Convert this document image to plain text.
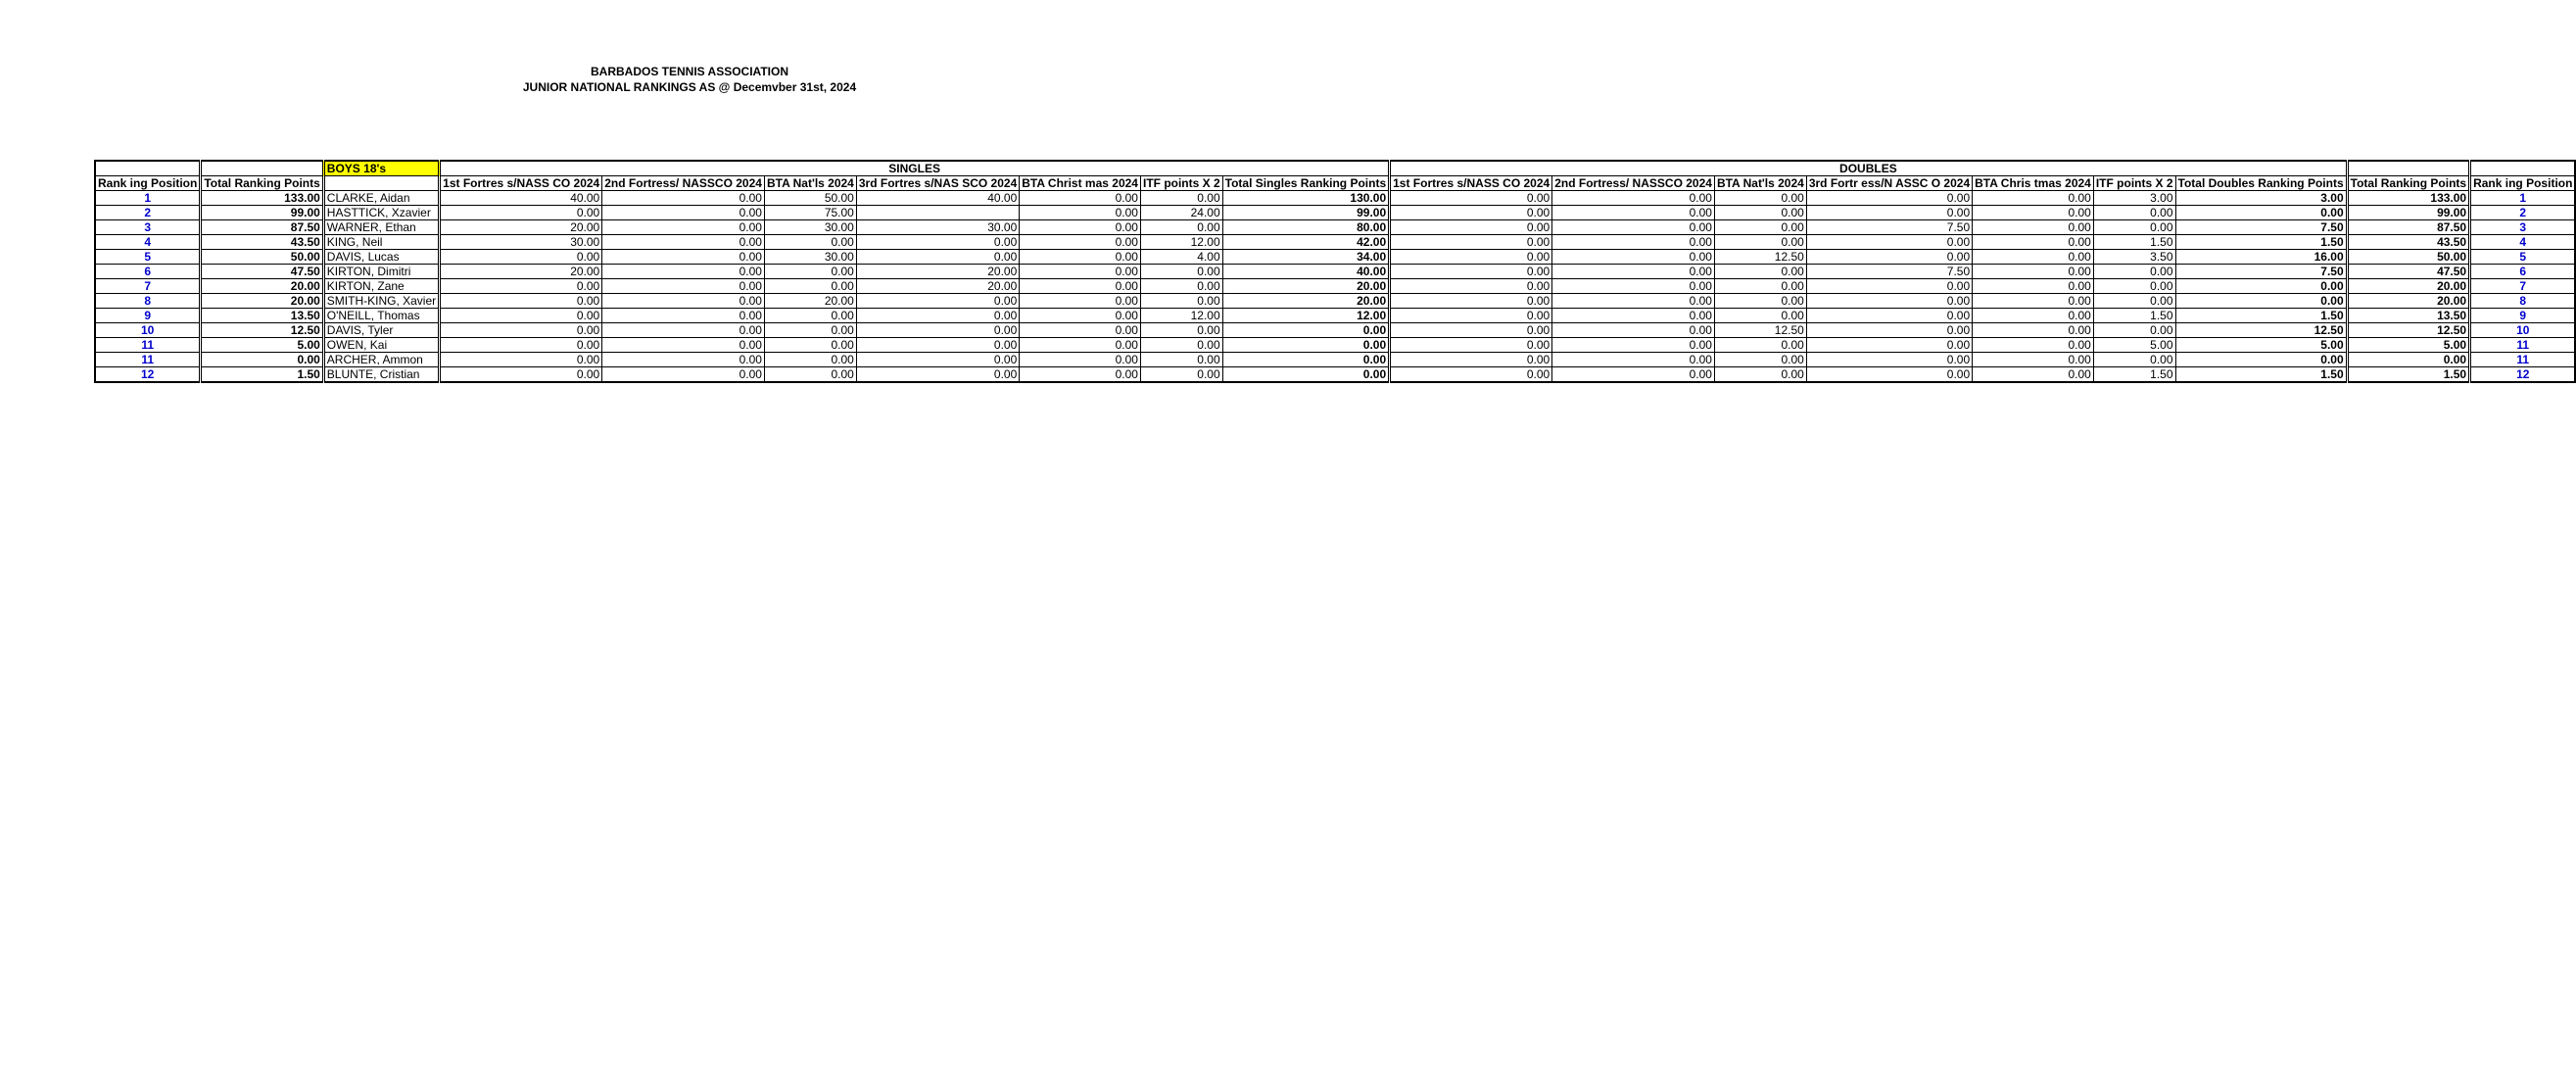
BARBADOS TENNIS ASSOCIATION
JUNIOR NATIONAL RANKINGS AS @ Decemvber 31st, 2024
		BOYS 18's	SINGLES							DOUBLES								
Rank ing Position	Total Ranking Points		1st Fortres s/NASS CO 2024	2nd Fortress/ NASSCO 2024	BTA Nat'ls 2024	3rd Fortres s/NAS SCO 2024	BTA Christ mas 2024	ITF points X 2	Total Singles Ranking Points	1st Fortres s/NASS CO 2024	2nd Fortress/ NASSCO 2024	BTA Nat'ls 2024	3rd Fortr ess/N ASSC O 2024	BTA Chris tmas 2024	ITF points X 2	Total Doubles Ranking Points	Total Ranking Points	Rank ing Position
1	133.00	CLARKE, Aidan	40.00	0.00	50.00	40.00	0.00	0.00	130.00	0.00	0.00	0.00	0.00	0.00	3.00	3.00	133.00	1
2	99.00	HASTTICK, Xzavier	0.00	0.00	75.00		0.00	24.00	99.00	0.00	0.00	0.00	0.00	0.00	0.00	0.00	99.00	2
3	87.50	WARNER, Ethan	20.00	0.00	30.00	30.00	0.00	0.00	80.00	0.00	0.00	0.00	7.50	0.00	0.00	7.50	87.50	3
4	43.50	KING, Neil	30.00	0.00	0.00	0.00	0.00	12.00	42.00	0.00	0.00	0.00	0.00	0.00	1.50	1.50	43.50	4
5	50.00	DAVIS, Lucas	0.00	0.00	30.00	0.00	0.00	4.00	34.00	0.00	0.00	12.50	0.00	0.00	3.50	16.00	50.00	5
6	47.50	KIRTON, Dimitri	20.00	0.00	0.00	20.00	0.00	0.00	40.00	0.00	0.00	0.00	7.50	0.00	0.00	7.50	47.50	6
7	20.00	KIRTON, Zane	0.00	0.00	0.00	20.00	0.00	0.00	20.00	0.00	0.00	0.00	0.00	0.00	0.00	0.00	20.00	7
8	20.00	SMITH-KING, Xavier	0.00	0.00	20.00	0.00	0.00	0.00	20.00	0.00	0.00	0.00	0.00	0.00	0.00	0.00	20.00	8
9	13.50	O'NEILL, Thomas	0.00	0.00	0.00	0.00	0.00	12.00	12.00	0.00	0.00	0.00	0.00	0.00	1.50	1.50	13.50	9
10	12.50	DAVIS, Tyler	0.00	0.00	0.00	0.00	0.00	0.00	0.00	0.00	0.00	12.50	0.00	0.00	0.00	12.50	12.50	10
11	5.00	OWEN, Kai	0.00	0.00	0.00	0.00	0.00	0.00	0.00	0.00	0.00	0.00	0.00	0.00	5.00	5.00	5.00	11
11	0.00	ARCHER, Ammon	0.00	0.00	0.00	0.00	0.00	0.00	0.00	0.00	0.00	0.00	0.00	0.00	0.00	0.00	0.00	11
12	1.50	BLUNTE, Cristian	0.00	0.00	0.00	0.00	0.00	0.00	0.00	0.00	0.00	0.00	0.00	0.00	1.50	1.50	1.50	12
